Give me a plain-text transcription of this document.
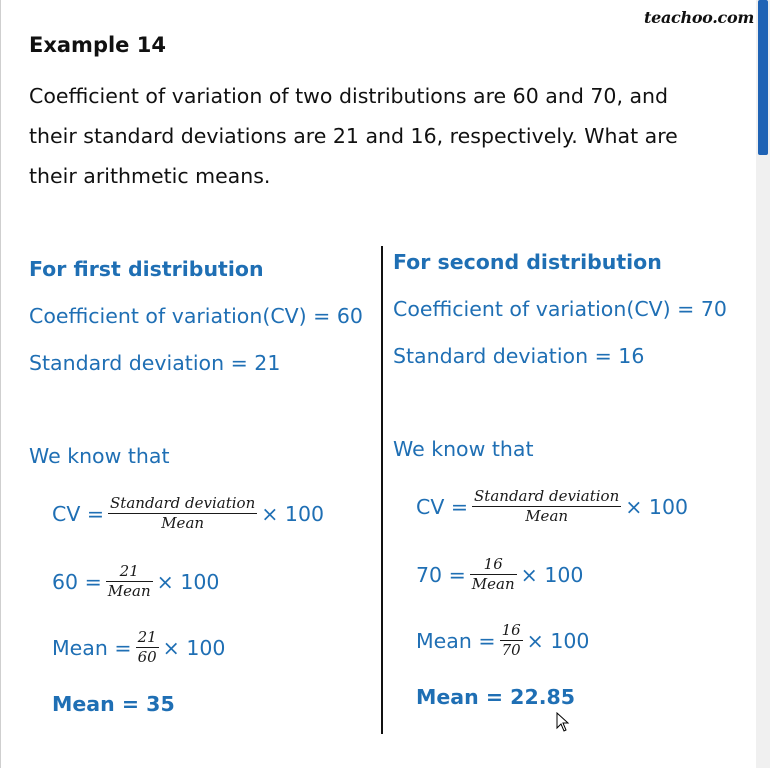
teachoo.com
Example 14
Coefficient of variation of two distributions are 60 and 70, and
their standard deviations are 21 and 16, respectively. What are
their arithmetic means.
For first distribution
Coefficient of variation(CV) = 60
Standard deviation = 21
We know that
CV = $\frac{\text{Standard deviation}}{\text{Mean}} \times 100$
$60 = \frac{21}{\text{Mean}} \times 100$
Mean = $\frac{21}{60} \times 100$
Mean = 35
For second distribution
Coefficient of variation(CV) = 70
Standard deviation = 16
We know that
CV = $\frac{\text{Standard deviation}}{\text{Mean}} \times 100$
$70 = \frac{16}{\text{Mean}} \times 100$
Mean = $\frac{16}{70} \times 100$
Mean = 22.85
